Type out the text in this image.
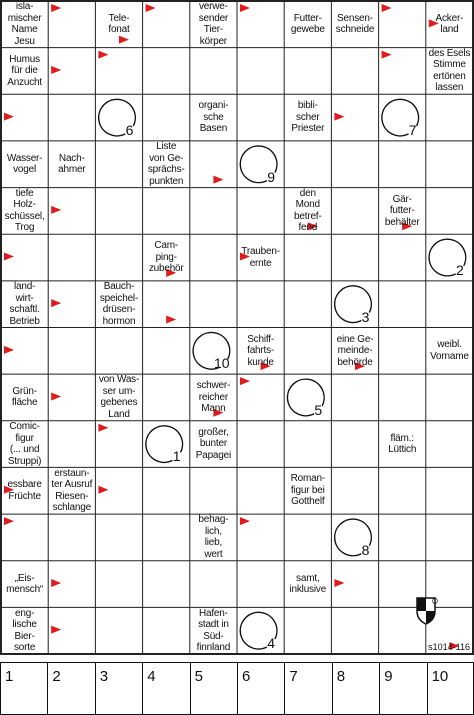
isla-
mischer
Name
Jesu
Tele-
fonat
verwe-
sender
Tier-
körper
Futter-
gewebe
Sensen-
schneide
Acker-
land
Humus
für die
Anzucht
des Esels
Stimme
ertönen
lassen
organi-
sche
Basen
bibli-
scher
Priester
Wasser-
vogel
Nach-
ahmer
Liste
von Ge-
sprächs-
punkten
tiefe
Holz-
schüssel,
Trog
den
Mond
betref-
fend
Gär-
futter-
behälter
Cam-
ping-
zubehör
Trauben-
ernte
land-
wirt-
schaftl.
Betrieb
Bauch-
speichel-
drüsen-
hormon
Schiff-
fahrts-
kunde
eine Ge-
meinde-
behörde
weibl.
Vorname
Grün-
fläche
von Was-
ser um-
gebenes
Land
schwer-
reicher
Mann
Comic-
figur
(... und
Struppi)
großer,
bunter
Papagei
fläm.:
Lüttich
essbare
Früchte
erstaun-
ter Ausruf
Riesen-
schlange
Roman-
figur bei
Gotthelf
behag-
lich,
lieb,
wert
„Eis-
mensch“
samt,
inklusive
eng-
lische
Bier-
sorte
Hafen-
stadt in
Süd-
finnland
6	7
9
2
3
10
5
1
8
4	s1014-116
1	2	3	4	5	6	7	8	9	10
